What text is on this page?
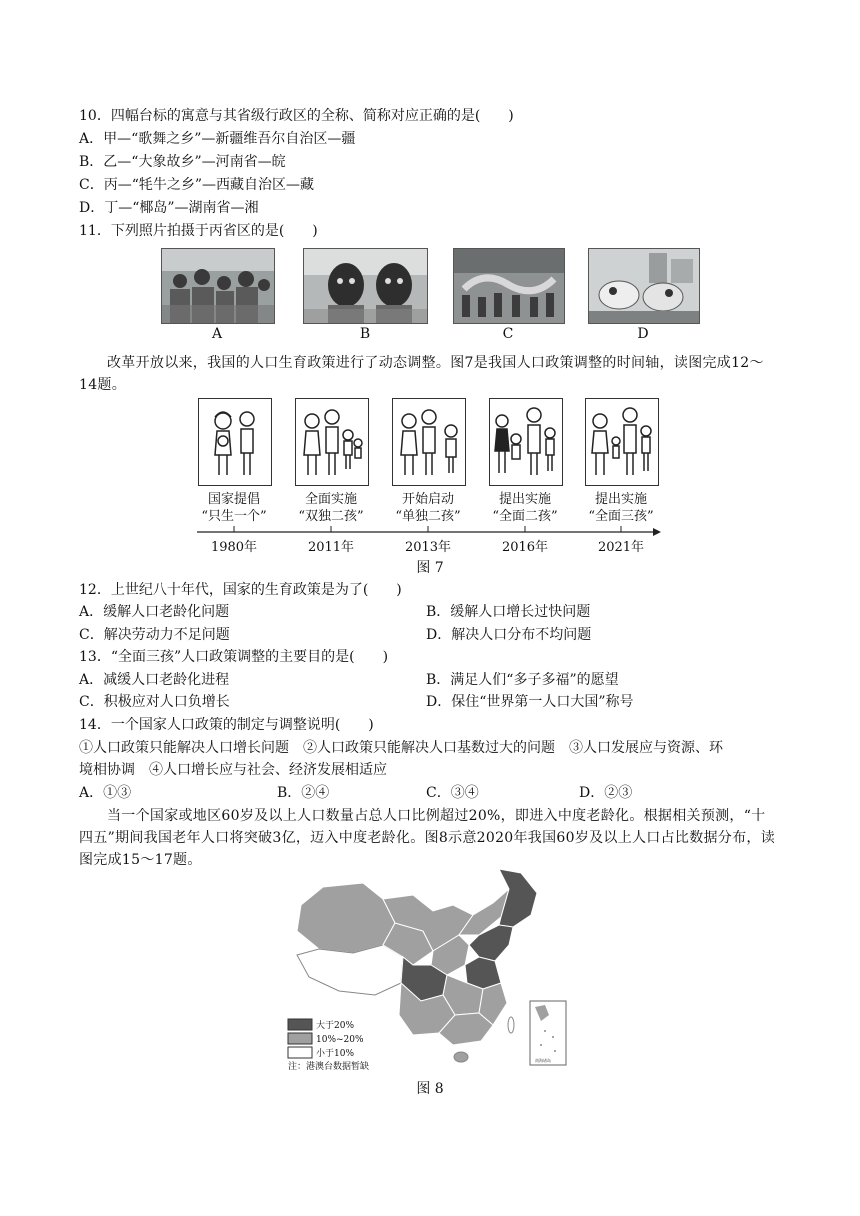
10．四幅台标的寓意与其省级行政区的全称、简称对应正确的是(　　)
A．甲—“歌舞之乡”—新疆维吾尔自治区—疆
B．乙—“大象故乡”—河南省—皖
C．丙—“牦牛之乡”—西藏自治区—藏
D．丁—“椰岛”—湖南省—湘
11．下列照片拍摄于丙省区的是(　　)
A	B	C	D
改革开放以来，我国的人口生育政策进行了动态调整。图7是我国人口政策调整的时间轴，读图完成12～14题。
国家提倡
“只生一个”
全面实施
“双独二孩”
开始启动
“单独二孩”
提出实施
“全面二孩”
提出实施
“全面三孩”
1980年	2011年	2013年	2016年	2021年
图 7
12．上世纪八十年代，国家的生育政策是为了(　　)
A．缓解人口老龄化问题	B．缓解人口增长过快问题
C．解决劳动力不足问题	D．解决人口分布不均问题
13．“全面三孩”人口政策调整的主要目的是(　　)
A．减缓人口老龄化进程	B．满足人们“多子多福”的愿望
C．积极应对人口负增长	D．保住“世界第一人口大国”称号
14．一个国家人口政策的制定与调整说明(　　)
①人口政策只能解决人口增长问题　②人口政策只能解决人口基数过大的问题　③人口发展应与资源、环
境相协调　④人口增长应与社会、经济发展相适应
A．①③	B．②④	C．③④	D．②③
当一个国家或地区60岁及以上人口数量占总人口比例超过20%，即进入中度老龄化。根据相关预测，“十四五”期间我国老年人口将突破3亿，迈入中度老龄化。图8示意2020年我国60岁及以上人口占比数据分布，读图完成15～17题。
大于20%
10%~20%
小于10%
注：港澳台数据暂缺
南海诸岛
图 8
